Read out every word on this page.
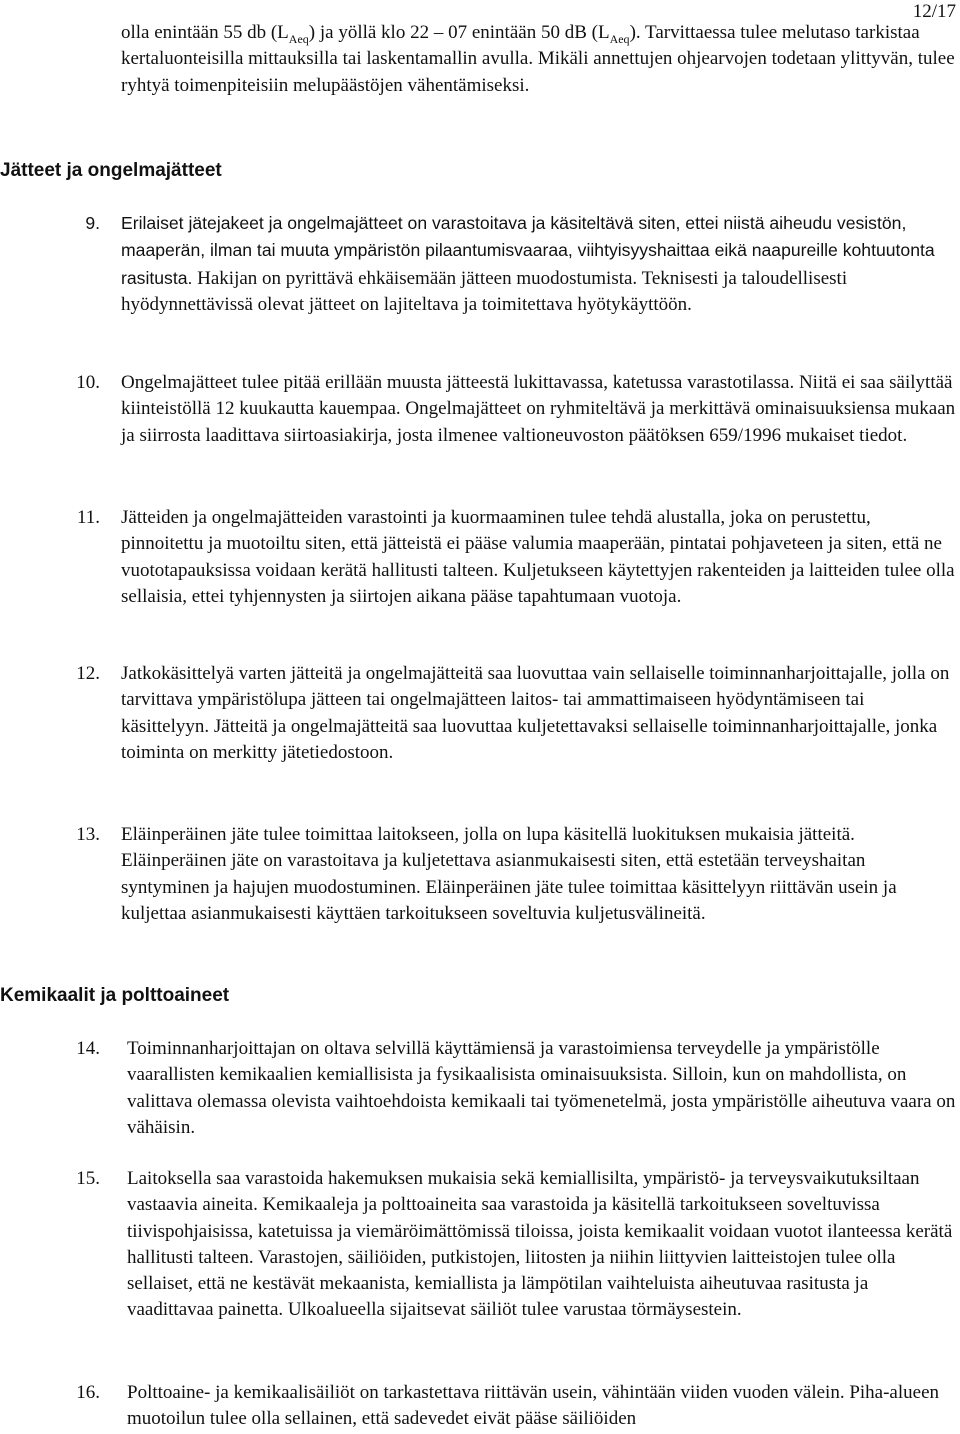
12/17
olla enintään 55 db $(L_{Aeq})$ ja yöllä klo 22 – 07 enintään 50 dB $(L_{Aeq})$. Tarvittaessa tulee melutaso tarkistaa kertaluonteisilla mittauksilla tai laskentamallin avulla. Mikäli annettujen ohjearvojen todetaan ylittyvän, tulee ryhtyä toimenpiteisiin melupäästöjen vähentämiseksi.
Jätteet ja ongelmajätteet
9. Erilaiset jätejakeet ja ongelmajätteet on varastoitava ja käsiteltävä siten, ettei niistä aiheudu vesistön, maaperän, ilman tai muuta ympäristön pilaantumisvaaraa, viihtyisyyshaittaa eikä naapureille kohtuutonta rasitusta. Hakijan on pyrittävä ehkäisemään jätteen muodostumista. Teknisesti ja taloudellisesti hyödynnettävissä olevat jätteet on lajiteltava ja toimitettava hyötykäyttöön.
10. Ongelmajätteet tulee pitää erillään muusta jätteestä lukittavassa, katetussa varastotilassa. Niitä ei saa säilyttää kiinteistöllä 12 kuukautta kauempaa. Ongelmajätteet on ryhmiteltävä ja merkittävä ominaisuuksiensa mukaan ja siirrosta laadittava siirtoasiakirja, josta ilmenee valtioneuvoston päätöksen 659/1996 mukaiset tiedot.
11. Jätteiden ja ongelmajätteiden varastointi ja kuormaaminen tulee tehdä alustalla, joka on perustettu, pinnoitettu ja muotoiltu siten, että jätteistä ei pääse valumia maaperään, pintatai pohjaveteen ja siten, että ne vuototapauksissa voidaan kerätä hallitusti talteen. Kuljetukseen käytettyjen rakenteiden ja laitteiden tulee olla sellaisia, ettei tyhjennysten ja siirtojen aikana pääse tapahtumaan vuotoja.
12. Jatkokäsittelyä varten jätteitä ja ongelmajätteitä saa luovuttaa vain sellaiselle toiminnanharjoittajalle, jolla on tarvittava ympäristölupa jätteen tai ongelmajätteen laitos- tai ammattimaiseen hyödyntämiseen tai käsittelyyn. Jätteitä ja ongelmajätteitä saa luovuttaa kuljetettavaksi sellaiselle toiminnanharjoittajalle, jonka toiminta on merkitty jätetiedostoon.
13. Eläinperäinen jäte tulee toimittaa laitokseen, jolla on lupa käsitellä luokituksen mukaisia jätteitä. Eläinperäinen jäte on varastoitava ja kuljetettava asianmukaisesti siten, että estetään terveyshaitan syntyminen ja hajujen muodostuminen. Eläinperäinen jäte tulee toimittaa käsittelyyn riittävän usein ja kuljettaa asianmukaisesti käyttäen tarkoitukseen soveltuvia kuljetusvälineitä.
Kemikaalit ja polttoaineet
14. Toiminnanharjoittajan on oltava selvillä käyttämiensä ja varastoimiensa terveydelle ja ympäristölle vaarallisten kemikaalien kemiallisista ja fysikaalisista ominaisuuksista. Silloin, kun on mahdollista, on valittava olemassa olevista vaihtoehdoista kemikaali tai työmenetelmä, josta ympäristölle aiheutuva vaara on vähäisin.
15. Laitoksella saa varastoida hakemuksen mukaisia sekä kemiallisilta, ympäristö- ja terveysvaikutuksiltaan vastaavia aineita. Kemikaaleja ja polttoaineita saa varastoida ja käsitellä tarkoitukseen soveltuvissa tiivispohjaisissa, katetuissa ja viemäröimättömissä tiloissa, joista kemikaalit voidaan vuotot ilanteessa kerätä hallitusti talteen. Varastojen, säiliöiden, putkistojen, liitosten ja niihin liittyvien laitteistojen tulee olla sellaiset, että ne kestävät mekaanista, kemiallista ja lämpötilan vaihteluista aiheutuvaa rasitusta ja vaadittavaa painetta. Ulkoalueella sijaitsevat säiliöt tulee varustaa törmäysestein.
16. Polttoaine- ja kemikaalisäiliöt on tarkastettava riittävän usein, vähintään viiden vuoden välein. Piha-alueen muotoilun tulee olla sellainen, että sadevedet eivät pääse säiliöiden
